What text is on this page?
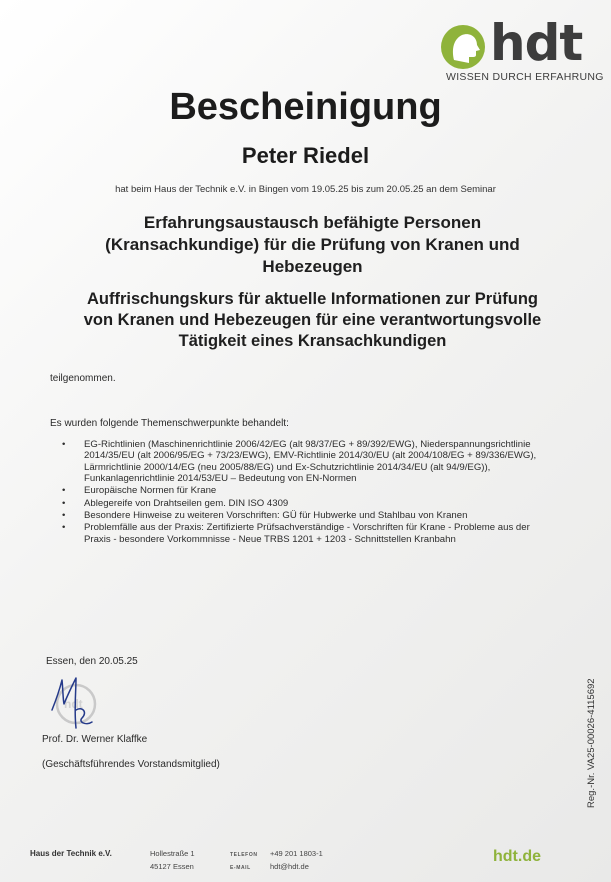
hdt
WISSEN DURCH ERFAHRUNG
Bescheinigung
Peter Riedel
hat beim Haus der Technik e.V. in Bingen vom 19.05.25 bis zum 20.05.25 an dem Seminar
Erfahrungsaustausch befähigte Personen
(Kransachkundige) für die Prüfung von Kranen und
Hebezeugen
Auffrischungskurs für aktuelle Informationen zur Prüfung
von Kranen und Hebezeugen für eine verantwortungsvolle
Tätigkeit eines Kransachkundigen
teilgenommen.
Es wurden folgende Themenschwerpunkte behandelt:
• EG-Richtlinien (Maschinenrichtlinie 2006/42/EG (alt 98/37/EG + 89/392/EWG), Niederspannungsrichtlinie 2014/35/EU (alt 2006/95/EG + 73/23/EWG), EMV-Richtlinie 2014/30/EU (alt 2004/108/EG + 89/336/EWG), Lärmrichtlinie 2000/14/EG (neu 2005/88/EG) und Ex-Schutzrichtlinie 2014/34/EU (alt 94/9/EG)), Funkanlagenrichtlinie 2014/53/EU – Bedeutung von EN-Normen
• Europäische Normen für Krane
• Ablegereife von Drahtseilen gem. DIN ISO 4309
• Besondere Hinweise zu weiteren Vorschriften: GÜ für Hubwerke und Stahlbau von Kranen
• Problemfälle aus der Praxis: Zertifizierte Prüfsachverständige - Vorschriften für Krane - Probleme aus der Praxis - besondere Vorkommnisse - Neue TRBS 1201 + 1203 - Schnittstellen Kranbahn
Essen, den 20.05.25
hdt
Prof. Dr. Werner Klaffke
(Geschäftsführendes Vorstandsmitglied)	Reg.-Nr. VA25-00026-4115692
Haus der Technik e.V.	Hollestraße 1
45127 Essen
TELEFON
E-MAIL
+49 201 1803-1
hdt@hdt.de
hdt.de
